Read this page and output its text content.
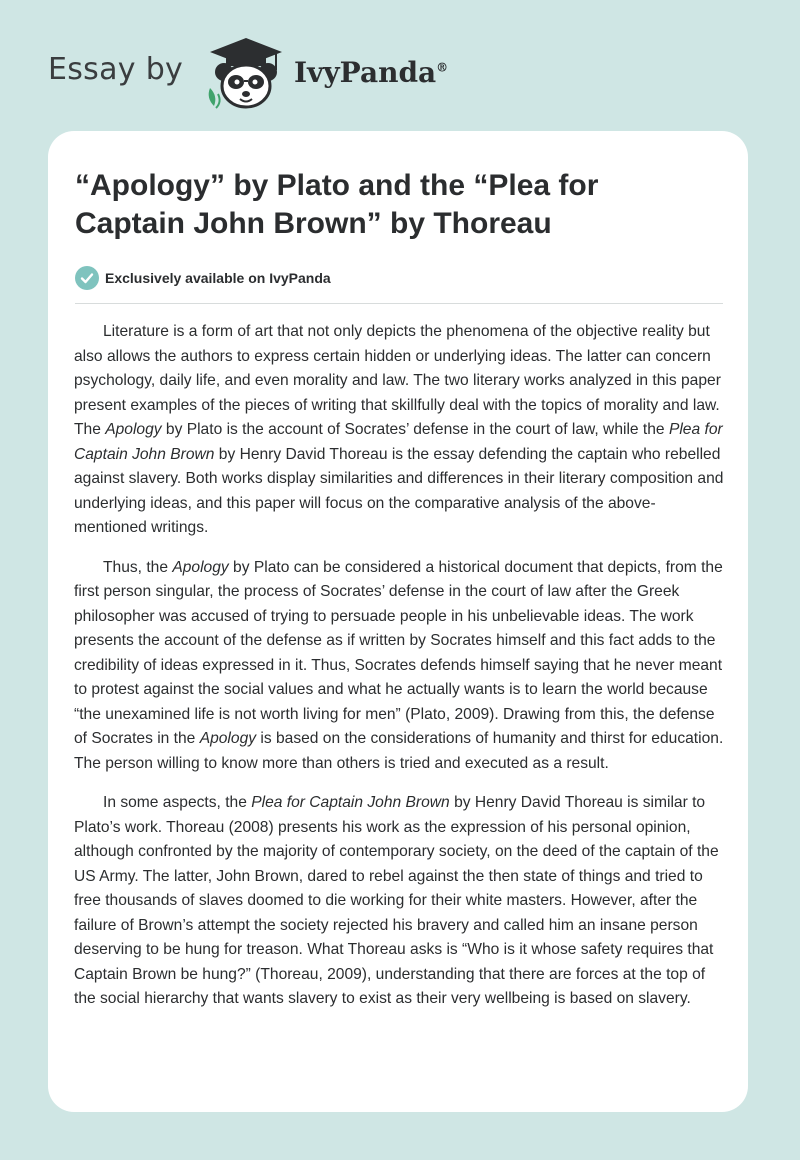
Essay by	IvyPanda®
“Apology” by Plato and the “Plea for Captain John Brown” by Thoreau
Exclusively available on IvyPanda

Literature is a form of art that not only depicts the phenomena of the objective reality but also allows the authors to express certain hidden or underlying ideas. The latter can concern psychology, daily life, and even morality and law. The two literary works analyzed in this paper present examples of the pieces of writing that skillfully deal with the topics of morality and law. The Apology by Plato is the account of Socrates’ defense in the court of law, while the Plea for Captain John Brown by Henry David Thoreau is the essay defending the captain who rebelled against slavery. Both works display similarities and differences in their literary composition and underlying ideas, and this paper will focus on the comparative analysis of the above-mentioned writings.

Thus, the Apology by Plato can be considered a historical document that depicts, from the first person singular, the process of Socrates’ defense in the court of law after the Greek philosopher was accused of trying to persuade people in his unbelievable ideas. The work presents the account of the defense as if written by Socrates himself and this fact adds to the credibility of ideas expressed in it. Thus, Socrates defends himself saying that he never meant to protest against the social values and what he actually wants is to learn the world because “the unexamined life is not worth living for men” (Plato, 2009). Drawing from this, the defense of Socrates in the Apology is based on the considerations of humanity and thirst for education. The person willing to know more than others is tried and executed as a result.

In some aspects, the Plea for Captain John Brown by Henry David Thoreau is similar to Plato’s work. Thoreau (2008) presents his work as the expression of his personal opinion, although confronted by the majority of contemporary society, on the deed of the captain of the US Army. The latter, John Brown, dared to rebel against the then state of things and tried to free thousands of slaves doomed to die working for their white masters. However, after the failure of Brown’s attempt the society rejected his bravery and called him an insane person deserving to be hung for treason. What Thoreau asks is “Who is it whose safety requires that Captain Brown be hung?” (Thoreau, 2009), understanding that there are forces at the top of the social hierarchy that wants slavery to exist as their very wellbeing is based on slavery.
